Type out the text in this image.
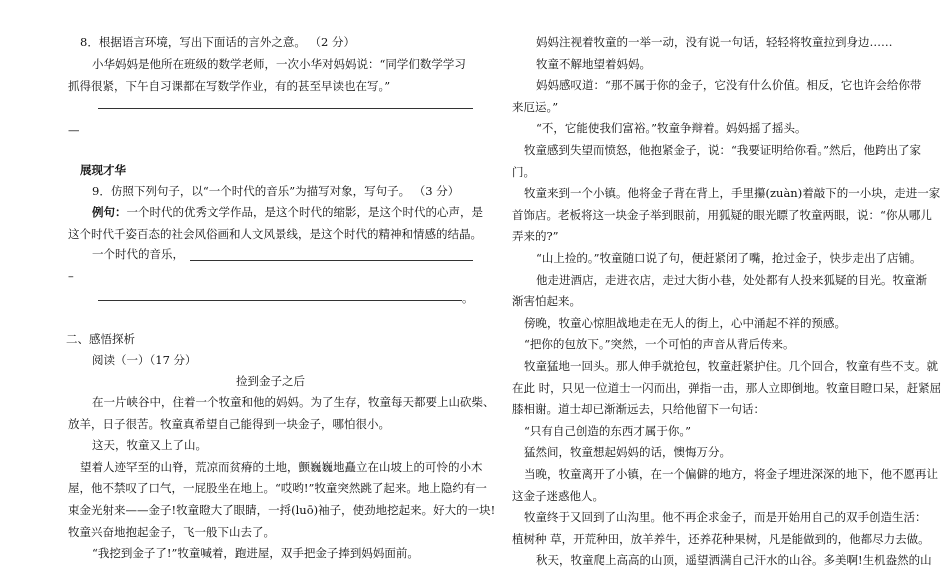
8．根据语言环境，写出下面话的言外之意。 （2 分）
小华妈妈是他所在班级的数学老师，一次小华对妈妈说：“同学们数学学习
抓得很紧，下午自习课都在写数学作业，有的甚至早读也在写。”
—
展现才华
9．仿照下列句子，以“一个时代的音乐”为描写对象，写句子。 （3 分）
例句：一个时代的优秀文学作品，是这个时代的缩影，是这个时代的心声，是
这个时代千姿百态的社会风俗画和人文风景线，是这个时代的精神和情感的结晶。
一个时代的音乐，
–
。
二、感悟探析
阅读（一）（17 分）
捡到金子之后
在一片峡谷中，住着一个牧童和他的妈妈。为了生存，牧童每天都要上山砍柴、
放羊，日子很苦。牧童真希望自己能得到一块金子，哪怕很小。
这天，牧童又上了山。
望着人迹罕至的山脊，荒凉而贫瘠的土地，颤巍巍地矗立在山坡上的可怜的小木
屋，他不禁叹了口气，一屁股坐在地上。“哎哟!”牧童突然跳了起来。地上隐约有一
束金光射来——金子!牧童瞪大了眼睛，一捋(luō)袖子，使劲地挖起来。好大的一块!
牧童兴奋地抱起金子，飞一般下山去了。
“我挖到金子了!”牧童喊着，跑进屋，双手把金子捧到妈妈面前。
妈妈注视着牧童的一举一动，没有说一句话，轻轻将牧童拉到身边……
牧童不解地望着妈妈。
妈妈感叹道：“那不属于你的金子，它没有什么价值。相反，它也许会给你带
来厄运。”
“不，它能使我们富裕。”牧童争辩着。妈妈摇了摇头。
牧童感到失望而愤怒，他抱紧金子，说：“我要证明给你看。”然后，他跨出了家
门。
牧童来到一个小镇。他将金子背在背上，手里攥(zuàn)着敲下的一小块，走进一家
首饰店。老板将这一块金子举到眼前，用狐疑的眼光瞟了牧童两眼，说：“你从哪儿
弄来的?”
“山上捡的。”牧童随口说了句，便赶紧闭了嘴，抢过金子，快步走出了店铺。
他走进酒店，走进衣店，走过大街小巷，处处都有人投来狐疑的目光。牧童渐
渐害怕起来。
傍晚，牧童心惊胆战地走在无人的街上，心中涌起不祥的预感。
“把你的包放下。”突然，一个可怕的声音从背后传来。
牧童猛地一回头。那人伸手就抢包，牧童赶紧护住。几个回合，牧童有些不支。就
在此 时，只见一位道士一闪而出，弹指一击，那人立即倒地。牧童目瞪口呆，赶紧屈
膝相谢。道士却已渐渐远去，只给他留下一句话：
“只有自己创造的东西才属于你。”
猛然间，牧童想起妈妈的话，懊悔万分。
当晚，牧童离开了小镇，在一个偏僻的地方，将金子埋进深深的地下，他不愿再让
这金子迷惑他人。
牧童终于又回到了山沟里。他不再企求金子，而是开始用自己的双手创造生活：
植树种 草，开荒种田，放羊养牛，还养花种果树，凡是能做到的，他都尽力去做。
秋天，牧童爬上高高的山顶，遥望洒满自己汗水的山谷。多美啊!生机盎然的山
